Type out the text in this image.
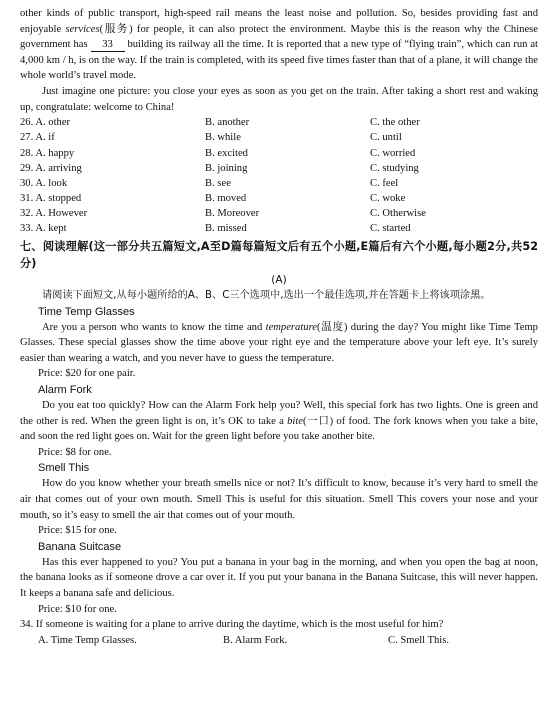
other kinds of public transport, high-speed rail means the least noise and pollution. So, besides providing fast and enjoyable services(服务) for people, it can also protect the environment. Maybe this is the reason why the Chinese government has 33 building its railway all the time. It is reported that a new type of “flying train”, which can run at 4,000 km / h, is on the way. If the train is completed, with its speed five times faster than that of a plane, it will change the whole world’s travel mode.

Just imagine one picture: you close your eyes as soon as you get on the train. After taking a short rest and waking up, congratulate: welcome to China!

26. A. other	B. another	C. the other
27. A. if	B. while	C. until
28. A. happy	B. excited	C. worried
29. A. arriving	B. joining	C. studying
30. A. look	B. see	C. feel
31. A. stopped	B. moved	C. woke
32. A. However	B. Moreover	C. Otherwise
33. A. kept	B. missed	C. started

七、阅读理解(这一部分共五篇短文,A至D篇每篇短文后有五个小题,E篇后有六个小题,每小题2分,共52分)

(A)

请阅读下面短文,从每小题所给的A、B、C三个选项中,选出一个最佳选项,并在答题卡上将该项涂黑。

Time Temp Glasses

Are you a person who wants to know the time and temperature(温度) during the day? You might like Time Temp Glasses. These special glasses show the time above your right eye and the temperature above your left eye. It’s surely easier than wearing a watch, and you never have to guess the temperature.

Price: $20 for one pair.

Alarm Fork

Do you eat too quickly? How can the Alarm Fork help you? Well, this special fork has two lights. One is green and the other is red. When the green light is on, it’s OK to take a bite(一口) of food. The fork knows when you take a bite, and soon the red light goes on. Wait for the green light before you take another bite.

Price: $8 for one.

Smell This

How do you know whether your breath smells nice or not? It’s difficult to know, because it’s very hard to smell the air that comes out of your own mouth. Smell This is useful for this situation. Smell This covers your nose and your mouth, so it’s easy to smell the air that comes out of your mouth.

Price: $15 for one.

Banana Suitcase

Has this ever happened to you? You put a banana in your bag in the morning, and when you open the bag at noon, the banana looks as if someone drove a car over it. If you put your banana in the Banana Suitcase, this will never happen. It keeps a banana safe and delicious.

Price: $10 for one.

34. If someone is waiting for a plane to arrive during the daytime, which is the most useful for him?

A. Time Temp Glasses.	B. Alarm Fork.	C. Smell This.
